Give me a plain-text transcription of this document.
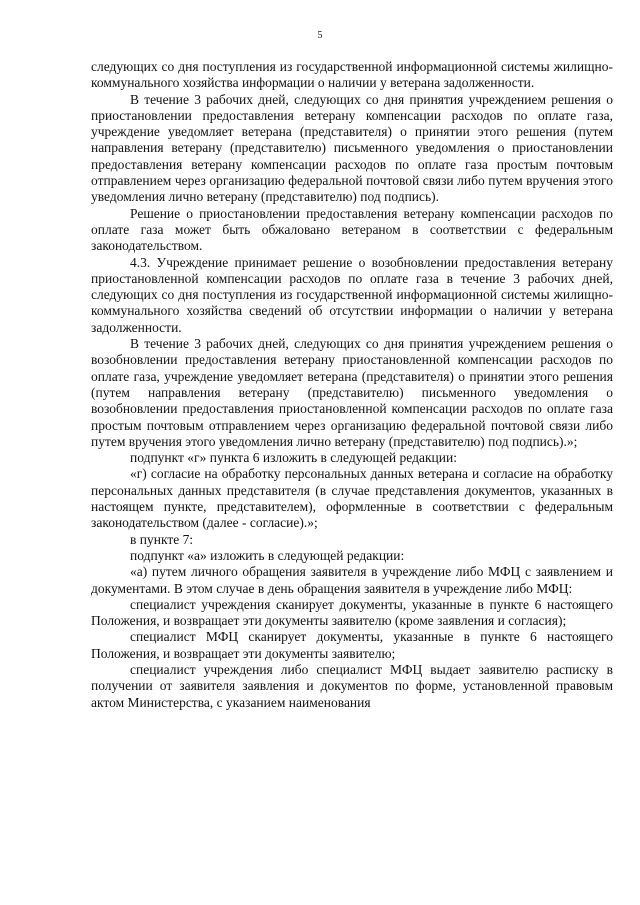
5

следующих со дня поступления из государственной информационной системы жилищно-коммунального хозяйства информации о наличии у ветерана задолженности.

В течение 3 рабочих дней, следующих со дня принятия учреждением решения о приостановлении предоставления ветерану компенсации расходов по оплате газа, учреждение уведомляет ветерана (представителя) о принятии этого решения (путем направления ветерану (представителю) письменного уведомления о приостановлении предоставления ветерану компенсации расходов по оплате газа простым почтовым отправлением через организацию федеральной почтовой связи либо путем вручения этого уведомления лично ветерану (представителю) под подпись).

Решение о приостановлении предоставления ветерану компенсации расходов по оплате газа может быть обжаловано ветераном в соответствии с федеральным законодательством.

4.3. Учреждение принимает решение о возобновлении предоставления ветерану приостановленной компенсации расходов по оплате газа в течение 3 рабочих дней, следующих со дня поступления из государственной информационной системы жилищно-коммунального хозяйства сведений об отсутствии информации о наличии у ветерана задолженности.

В течение 3 рабочих дней, следующих со дня принятия учреждением решения о возобновлении предоставления ветерану приостановленной компенсации расходов по оплате газа, учреждение уведомляет ветерана (представителя) о принятии этого решения (путем направления ветерану (представителю) письменного уведомления о возобновлении предоставления приостановленной компенсации расходов по оплате газа простым почтовым отправлением через организацию федеральной почтовой связи либо путем вручения этого уведомления лично ветерану (представителю) под подпись).»;

подпункт «г» пункта 6 изложить в следующей редакции:

«г) согласие на обработку персональных данных ветерана и согласие на обработку персональных данных представителя (в случае представления документов, указанных в настоящем пункте, представителем), оформленные в соответствии с федеральным законодательством (далее - согласие).»;

в пункте 7:

подпункт «а» изложить в следующей редакции:

«а) путем личного обращения заявителя в учреждение либо МФЦ с заявлением и документами. В этом случае в день обращения заявителя в учреждение либо МФЦ:

специалист учреждения сканирует документы, указанные в пункте 6 настоящего Положения, и возвращает эти документы заявителю (кроме заявления и согласия);

специалист МФЦ сканирует документы, указанные в пункте 6 настоящего Положения, и возвращает эти документы заявителю;

специалист учреждения либо специалист МФЦ выдает заявителю расписку в получении от заявителя заявления и документов по форме, установленной правовым актом Министерства, с указанием наименования
